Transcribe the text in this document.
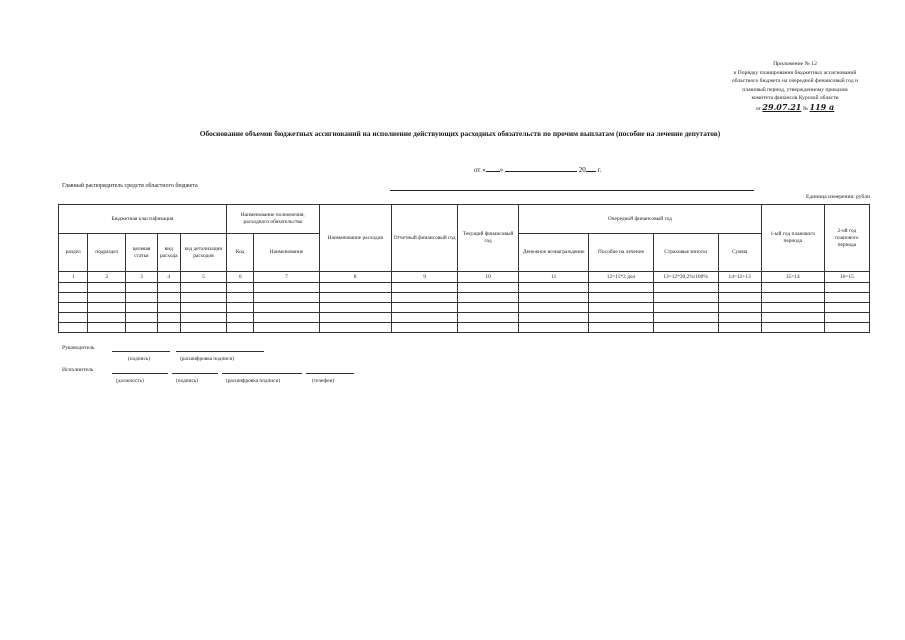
Приложение № 12
к Порядку планирования бюджетных ассигнований
областного бюджета на очередной финансовый год и
плановый период, утвержденному приказом
комитета финансов Курской области
от 29.07.21 № 119 а
Обоснование объемов бюджетных ассигнований на исполнение действующих расходных обязательств по прочим выплатам (пособие на лечение депутатов)
от « »	20 г.
Главный распорядитель средств областного бюджета
Единица измерения: рубли
Бюджетная классификация					Наименование полномочия, расходного обязательства		Наименование расходов	Отчетный финансовый год	Текущий финансовый год	Очередной финансовый год				1-ый год планового периода	2-ой год планового периода
раздел	подраздел	целевая статья	вид расхода	код детализации расходов	Код	Наименование				Денежное вознаграждение	Пособие на лечение	Страховые взносы	Сумма		
1	2	3	4	5	6	7	8	9	10	11	12=11*2 дол	13=12*30,2%/100%	14=12+13	15=14	16=15

Руководитель
(подпись)	(расшифровка подписи)
Исполнитель
(должность)	(подпись)	(расшифровка подписи)	(телефон)
